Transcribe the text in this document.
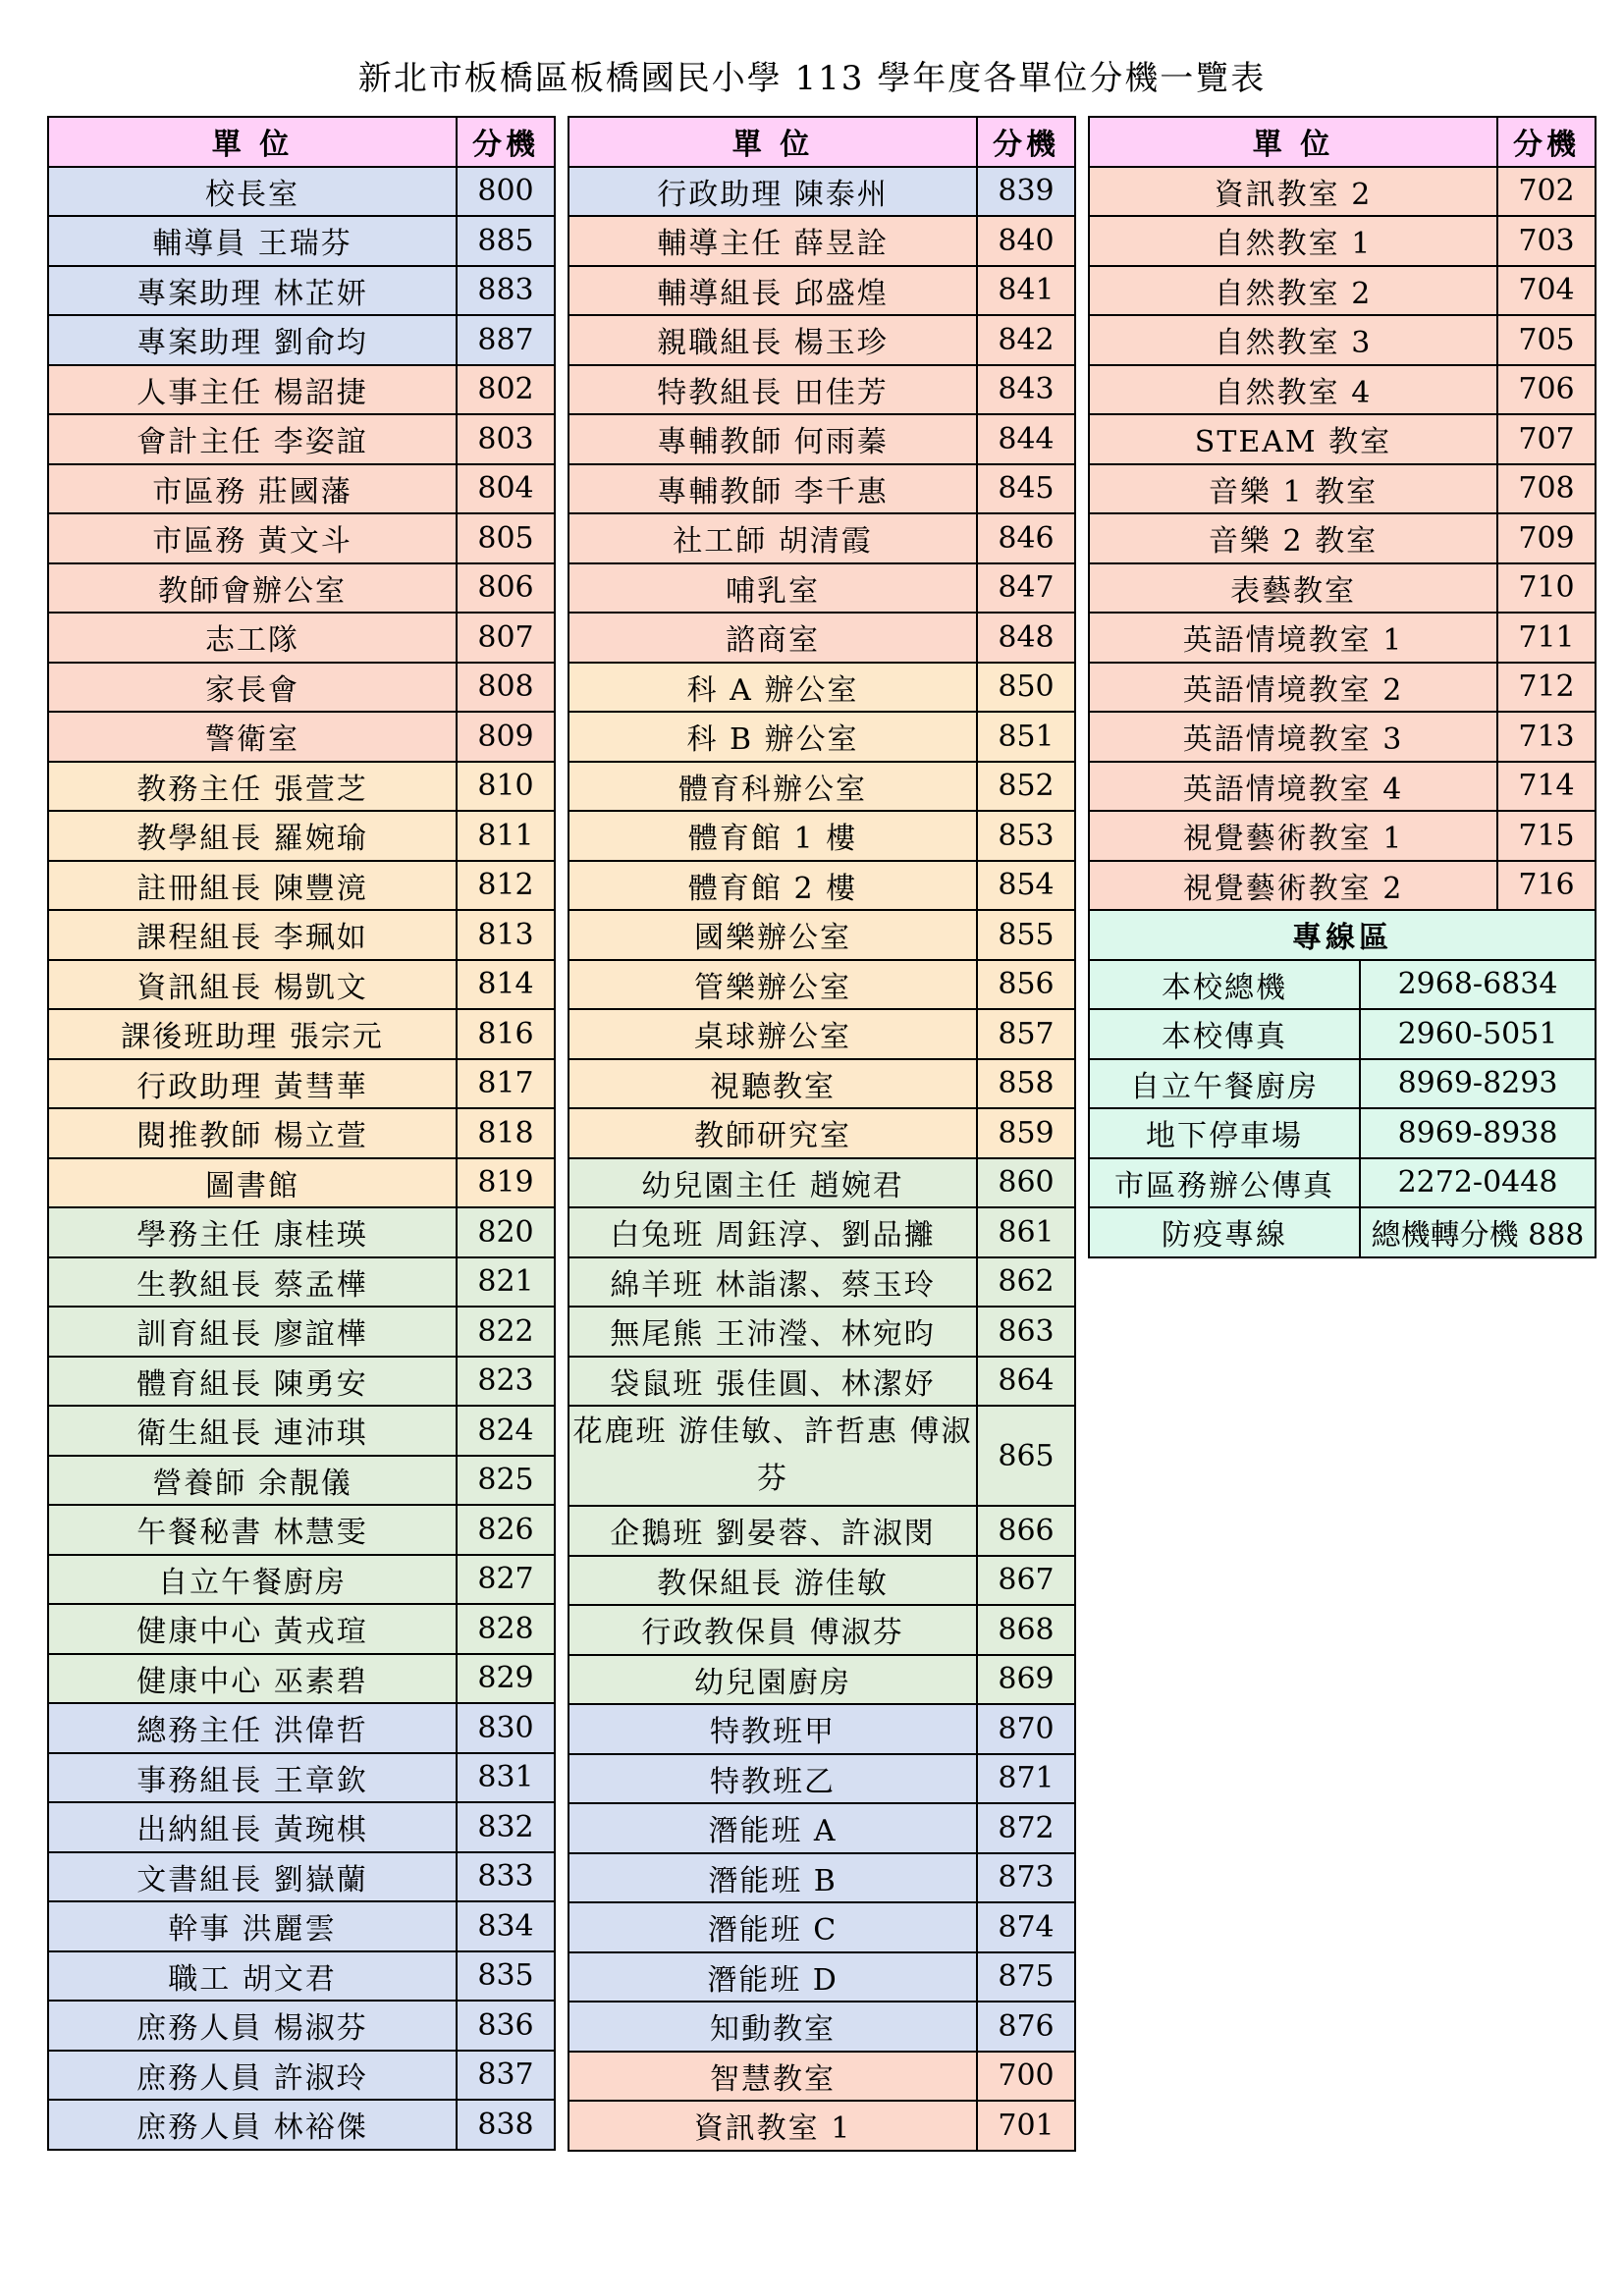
新北市板橋區板橋國民小學 113 學年度各單位分機一覽表
單 位	分機
校長室	800
輔導員 王瑞芬	885
專案助理 林芷妍	883
專案助理 劉俞均	887
人事主任 楊詔捷	802
會計主任 李姿誼	803
市區務 莊國藩	804
市區務 黃文斗	805
教師會辦公室	806
志工隊	807
家長會	808
警衛室	809
教務主任 張萱芝	810
教學組長 羅婉瑜	811
註冊組長 陳豐滰	812
課程組長 李珮如	813
資訊組長 楊凱文	814
課後班助理 張宗元	816
行政助理 黃彗華	817
閱推教師 楊立萱	818
圖書館	819
學務主任 康桂瑛	820
生教組長 蔡孟樺	821
訓育組長 廖誼樺	822
體育組長 陳勇安	823
衛生組長 連沛琪	824
營養師 余靚儀	825
午餐秘書 林慧雯	826
自立午餐廚房	827
健康中心 黃戎瑄	828
健康中心 巫素碧	829
總務主任 洪偉哲	830
事務組長 王章欽	831
出納組長 黃琬棋	832
文書組長 劉嶽蘭	833
幹事 洪麗雲	834
職工 胡文君	835
庶務人員 楊淑芬	836
庶務人員 許淑玲	837
庶務人員 林裕傑	838
單 位	分機
行政助理 陳泰州	839
輔導主任 薛昱詮	840
輔導組長 邱盛煌	841
親職組長 楊玉珍	842
特教組長 田佳芳	843
專輔教師 何雨蓁	844
專輔教師 李千惠	845
社工師 胡清霞	846
哺乳室	847
諮商室	848
科 A 辦公室	850
科 B 辦公室	851
體育科辦公室	852
體育館 1 樓	853
體育館 2 樓	854
國樂辦公室	855
管樂辦公室	856
桌球辦公室	857
視聽教室	858
教師研究室	859
幼兒園主任 趙婉君	860
白兔班 周鈺淳、劉品攡	861
綿羊班 林詣潔、蔡玉玲	862
無尾熊 王沛瀅、林宛昀	863
袋鼠班 張佳圓、林潔妤	864
花鹿班 游佳敏、許哲惠 傅淑芬	865
企鵝班 劉晏蓉、許淑閔	866
教保組長 游佳敏	867
行政教保員 傅淑芬	868
幼兒園廚房	869
特教班甲	870
特教班乙	871
潛能班 A	872
潛能班 B	873
潛能班 C	874
潛能班 D	875
知動教室	876
智慧教室	700
資訊教室 1	701
單 位		分機
資訊教室 2		702
自然教室 1		703
自然教室 2		704
自然教室 3		705
自然教室 4		706
STEAM 教室		707
音樂 1 教室		708
音樂 2 教室		709
表藝教室		710
英語情境教室 1		711
英語情境教室 2		712
英語情境教室 3		713
英語情境教室 4		714
視覺藝術教室 1		715
視覺藝術教室 2		716
專線區		
本校總機	2968-6834	
本校傳真	2960-5051	
自立午餐廚房	8969-8293	
地下停車場	8969-8938	
市區務辦公傳真	2272-0448	
防疫專線	總機轉分機 888	
